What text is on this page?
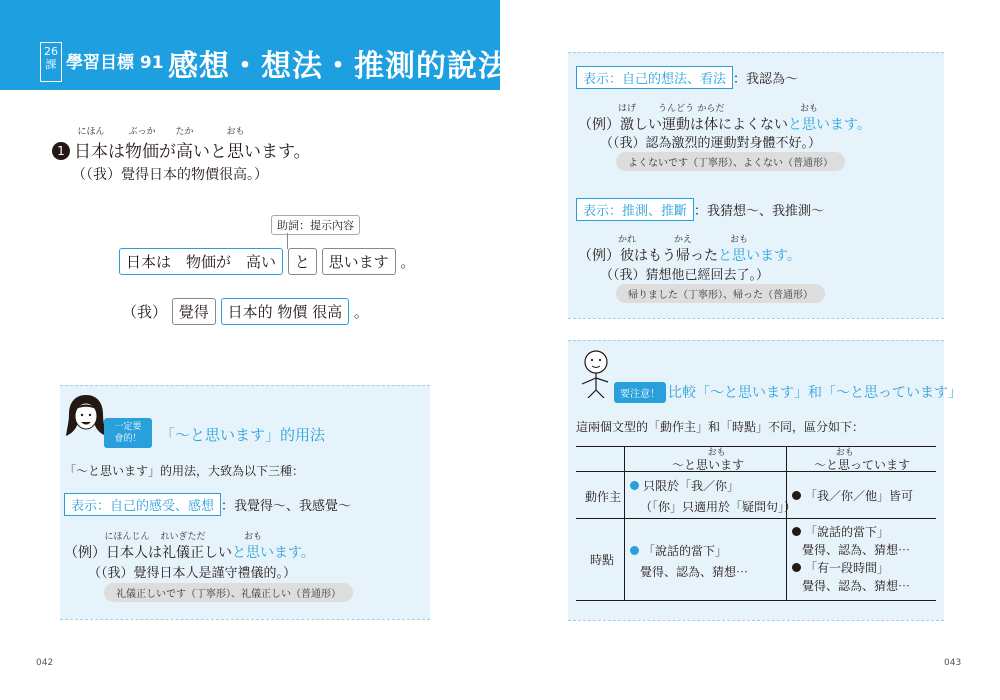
26課 學習目標 91 感想・想法・推測的說法
1
にほん
日本は
ぶっか
物価が
たか
高いと
おも
思います。
（（我）覺得日本的物價很高。）
助詞：提示內容
日本は　物価が　高い と 思います 。
（我） 覺得 日本的 物價 很高 。
一定要
會的！	「～と思います」的用法
「～と思います」的用法，大致為以下三種：
表示：自己的感受、感想 ：我覺得～、我感覺～
（例）
にほんじん
日本人は
れいぎただ
礼儀正しいと
おも
思います。
（（我）覺得日本人是謹守禮儀的。）
礼儀正しいです（丁寧形）、礼儀正しい（普通形）
042
表示：自己的想法、看法 ：我認為～
（例）
はげ
激しい
うんどう
運動は
からだ
体によくないと
おも
思います。
（（我）認為激烈的運動對身體不好。）
よくないです（丁寧形）、よくない（普通形）
表示：推測、推斷 ：我猜想～、我推測～
（例）
かれ
彼はもう
かえ
帰ったと
おも
思います。
（（我）猜想他已經回去了。）
帰りました（丁寧形）、帰った（普通形）
要注意！ 比較「～と思います」和「～と思っています」
這兩個文型的「動作主」和「時點」不同，區分如下：
おも
～と思います
おも
～と思っています
動作主
只限於「我／你」
（「你」只適用於「疑問句」）
「我／你／他」皆可
時點
「說話的當下」
覺得、認為、猜想⋯
「說話的當下」
覺得、認為、猜想⋯
「有一段時間」
覺得、認為、猜想⋯
043
